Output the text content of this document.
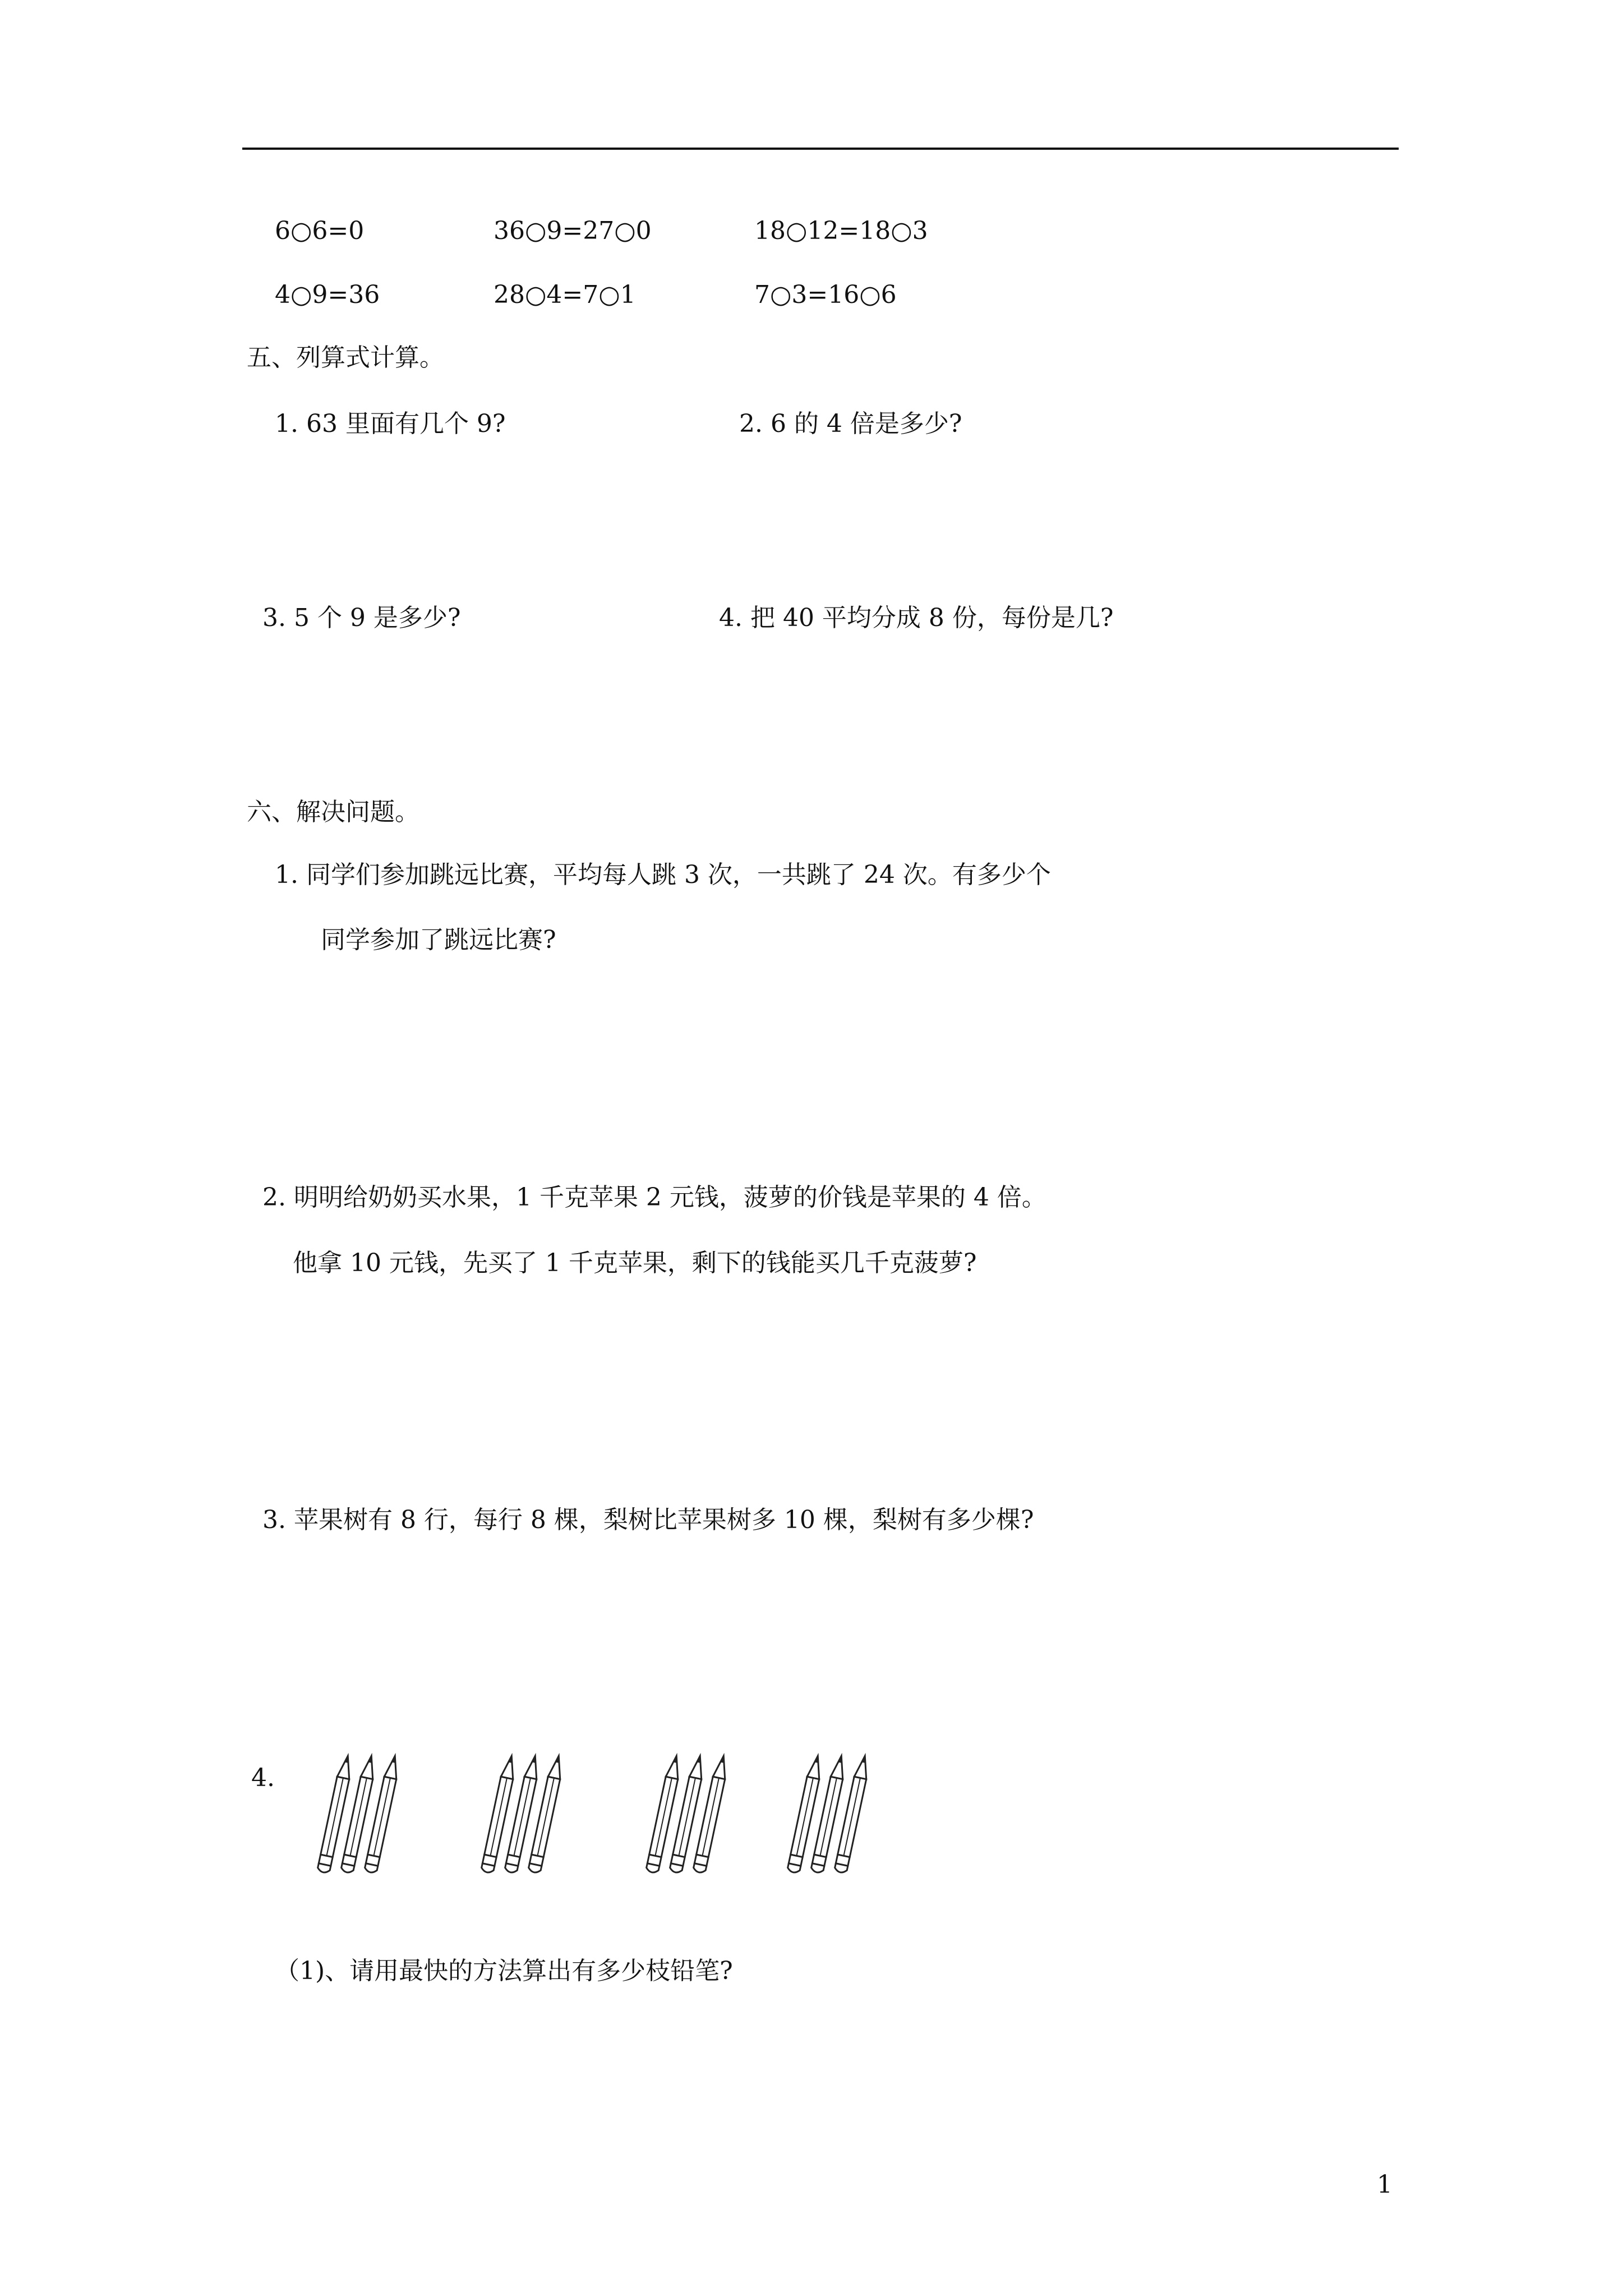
6○6=0	36○9=27○0	18○12=18○3
4○9=36	28○4=7○1	7○3=16○6
五、列算式计算。
1. 63 里面有几个 9?	2. 6 的 4 倍是多少?
3. 5 个 9 是多少?	4. 把 40 平均分成 8 份，每份是几?
六、解决问题。
1. 同学们参加跳远比赛，平均每人跳 3 次，一共跳了 24 次。有多少个
同学参加了跳远比赛?
2. 明明给奶奶买水果，1 千克苹果 2 元钱，菠萝的价钱是苹果的 4 倍。
他拿 10 元钱，先买了 1 千克苹果，剩下的钱能买几千克菠萝?
3. 苹果树有 8 行，每行 8 棵，梨树比苹果树多 10 棵，梨树有多少棵?
4.
（1)、请用最快的方法算出有多少枝铅笔?
1
